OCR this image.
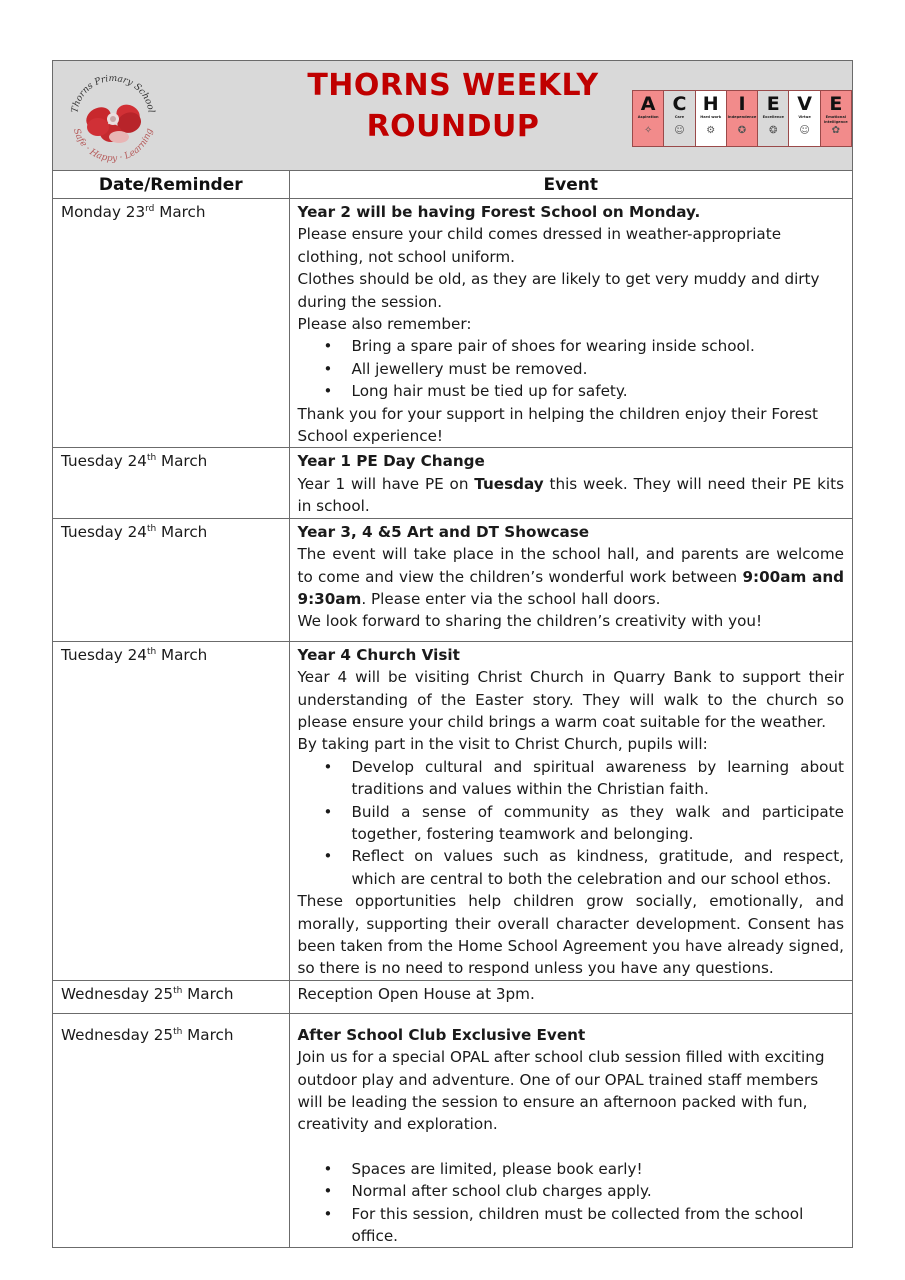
Thorns Primary School
Safe · Happy · Learning
THORNS WEEKLY
ROUNDUP
A
Aspiration
✧
C
Care
☺
H
Hard work
⚙
I
Independence
✪
E
Excellence
❂
V
Virtue
☺
E
Emotional intelligence
✿
Date/Reminder	Event
Monday 23rd March	Year 2 will be having Forest School on Monday.
Please ensure your child comes dressed in weather-appropriate clothing, not school uniform.
Clothes should be old, as they are likely to get very muddy and dirty during the session.
Please also remember:
• Bring a spare pair of shoes for wearing inside school.
• All jewellery must be removed.
• Long hair must be tied up for safety.
Thank you for your support in helping the children enjoy their Forest School experience!

Tuesday 24th March	Year 1 PE Day Change
Year 1 will have PE on Tuesday this week. They will need their PE kits in school.

Tuesday 24th March	Year 3, 4 &5 Art and DT Showcase
The event will take place in the school hall, and parents are welcome to come and view the children’s wonderful work between 9:00am and 9:30am. Please enter via the school hall doors.
We look forward to sharing the children’s creativity with you!

Tuesday 24th March	Year 4 Church Visit
Year 4 will be visiting Christ Church in Quarry Bank to support their understanding of the Easter story. They will walk to the church so please ensure your child brings a warm coat suitable for the weather.
By taking part in the visit to Christ Church, pupils will:
• Develop cultural and spiritual awareness by learning about traditions and values within the Christian faith.
• Build a sense of community as they walk and participate together, fostering teamwork and belonging.
• Reflect on values such as kindness, gratitude, and respect, which are central to both the celebration and our school ethos.
These opportunities help children grow socially, emotionally, and morally, supporting their overall character development. Consent has been taken from the Home School Agreement you have already signed, so there is no need to respond unless you have any questions.

Wednesday 25th March	Reception Open House at 3pm.

Wednesday 25th March	After School Club Exclusive Event
Join us for a special OPAL after school club session filled with exciting outdoor play and adventure. One of our OPAL trained staff members will be leading the session to ensure an afternoon packed with fun, creativity and exploration.
• Spaces are limited, please book early!
• Normal after school club charges apply.
• For this session, children must be collected from the school office.
